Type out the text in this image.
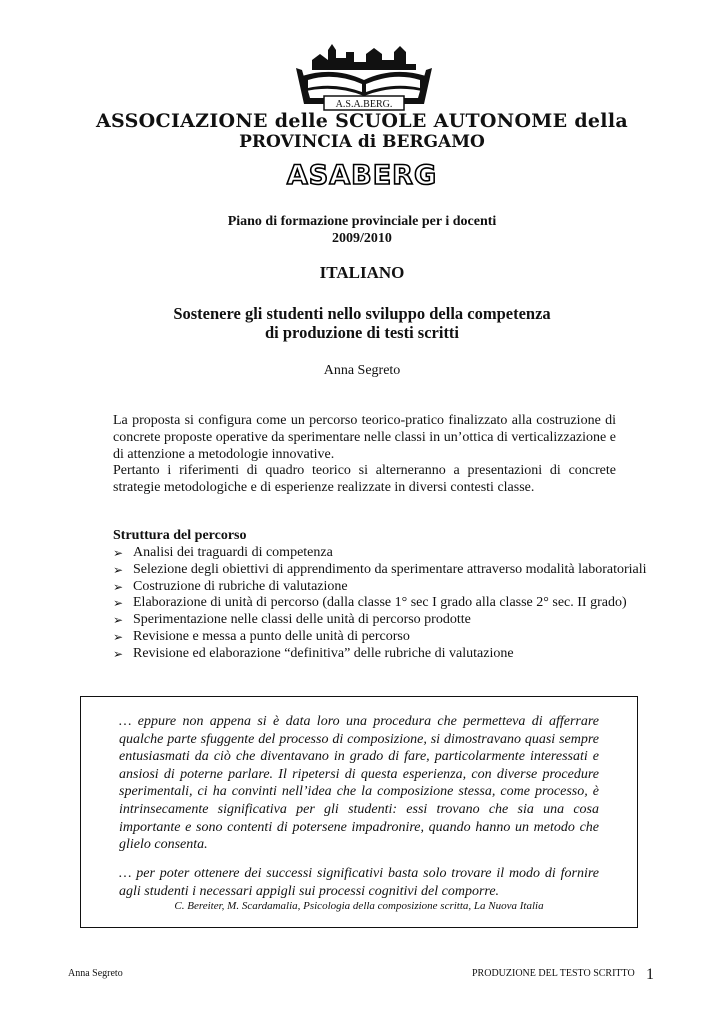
A.S.A.BERG.
ASSOCIAZIONE delle SCUOLE AUTONOME della
PROVINCIA di BERGAMO
ASABERG
Piano di formazione provinciale per i docenti
2009/2010
ITALIANO
Sostenere gli studenti nello sviluppo della competenza
di produzione di testi scritti
Anna Segreto
La proposta si configura come un percorso teorico-pratico finalizzato alla costruzione di concrete proposte operative da sperimentare nelle classi in un’ottica di verticalizzazione e di attenzione a metodologie innovative.
Pertanto i riferimenti di quadro teorico si alterneranno a presentazioni di concrete strategie metodologiche e di esperienze realizzate in diversi contesti classe.
Struttura del percorso
➢ Analisi dei traguardi di competenza
➢ Selezione degli obiettivi di apprendimento da sperimentare attraverso modalità laboratoriali
➢ Costruzione di rubriche di valutazione
➢ Elaborazione di unità di percorso (dalla classe 1° sec I grado alla classe 2° sec. II grado)
➢ Sperimentazione nelle classi delle unità di percorso prodotte
➢ Revisione e messa a punto delle unità di percorso
➢ Revisione ed elaborazione “definitiva” delle rubriche di valutazione
… eppure non appena si è data loro una procedura che permetteva di afferrare qualche parte sfuggente del processo di composizione, si dimostravano quasi sempre entusiasmati da ciò che diventavano in grado di fare, particolarmente interessati e ansiosi di poterne parlare. Il ripetersi di questa esperienza, con diverse procedure sperimentali, ci ha convinti nell’idea che la composizione stessa, come processo, è intrinsecamente significativa per gli studenti: essi trovano che sia una cosa importante e sono contenti di potersene impadronire, quando hanno un metodo che glielo consenta.
… per poter ottenere dei successi significativi basta solo trovare il modo di fornire agli studenti i necessari appigli sui processi cognitivi del comporre.
C. Bereiter, M. Scardamalia, Psicologia della composizione scritta, La Nuova Italia
Anna Segreto	PRODUZIONE DEL TESTO SCRITTO 1
